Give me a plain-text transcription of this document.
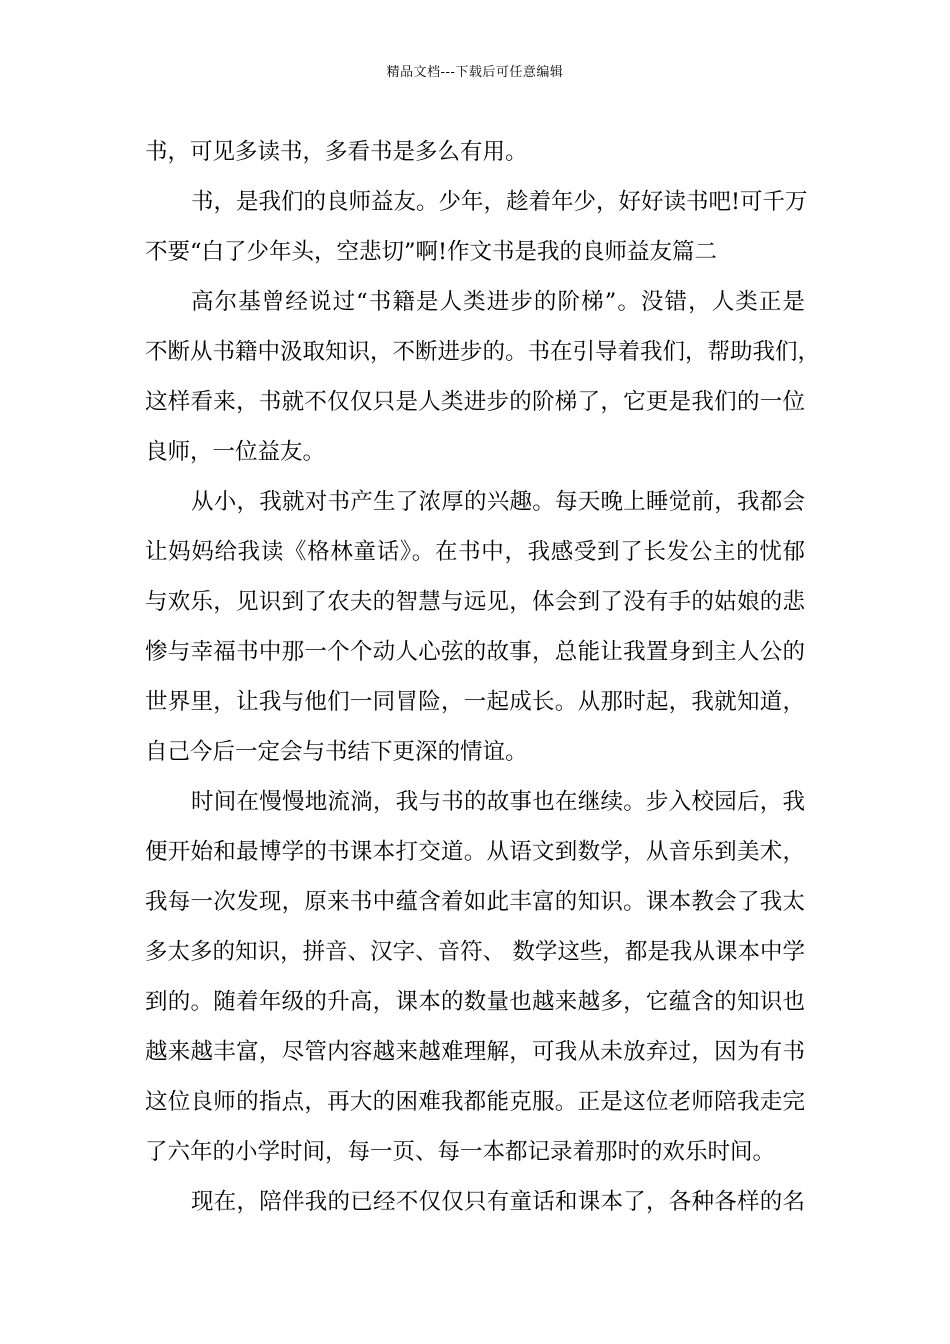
精品文档---下载后可任意编辑
书，可见多读书，多看书是多么有用。
书，是我们的良师益友。少年，趁着年少，好好读书吧!可千万
不要“白了少年头，空悲切”啊!作文书是我的良师益友篇二
高尔基曾经说过“书籍是人类进步的阶梯”。没错，人类正是
不断从书籍中汲取知识，不断进步的。书在引导着我们，帮助我们，
这样看来，书就不仅仅只是人类进步的阶梯了，它更是我们的一位
良师，一位益友。
从小，我就对书产生了浓厚的兴趣。每天晚上睡觉前，我都会
让妈妈给我读《格林童话》。在书中，我感受到了长发公主的忧郁
与欢乐，见识到了农夫的智慧与远见，体会到了没有手的姑娘的悲
惨与幸福书中那一个个动人心弦的故事，总能让我置身到主人公的
世界里，让我与他们一同冒险，一起成长。从那时起，我就知道，
自己今后一定会与书结下更深的情谊。
时间在慢慢地流淌，我与书的故事也在继续。步入校园后，我
便开始和最博学的书课本打交道。从语文到数学，从音乐到美术，
我每一次发现，原来书中蕴含着如此丰富的知识。课本教会了我太
多太多的知识，拼音、汉字、音符、 数学这些，都是我从课本中学
到的。随着年级的升高，课本的数量也越来越多，它蕴含的知识也
越来越丰富，尽管内容越来越难理解，可我从未放弃过，因为有书
这位良师的指点，再大的困难我都能克服。正是这位老师陪我走完
了六年的小学时间，每一页、每一本都记录着那时的欢乐时间。
现在，陪伴我的已经不仅仅只有童话和课本了，各种各样的名
